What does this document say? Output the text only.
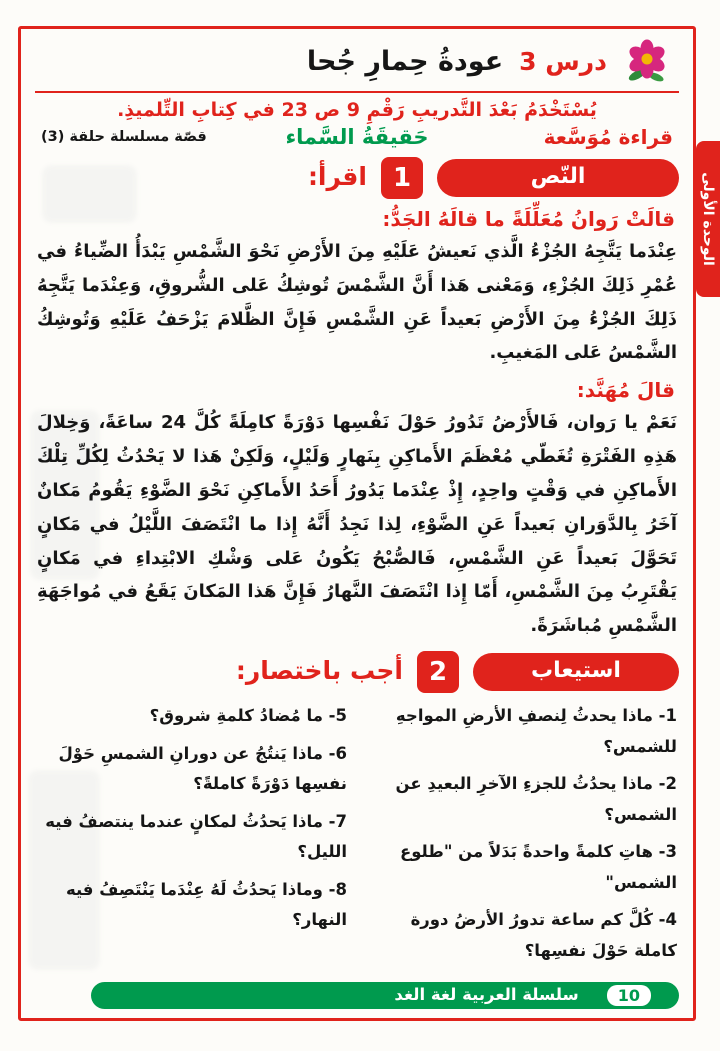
درس 3
عودةُ حِمارِ جُحا
يُسْتَخْدَمُ بَعْدَ التَّدريبِ رَقْمِ 9 ص 23 في كِتابِ التِّلميذِ.
قراءة مُوَسَّعة
حَقيقَةُ السَّماء
قصّة مسلسلة حلقة (3)
النّص
1
اقرأ:

قالَتْ رَوانُ مُعَلِّلَةً ما قالَهُ الجَدُّ:

عِنْدَما يَتَّجِهُ الجُزْءُ الَّذي نَعيشُ عَلَيْهِ مِنَ الأَرْضِ نَحْوَ الشَّمْسِ يَبْدَأُ الضِّياءُ في عُمْرِ ذَلِكَ الجُزْءِ، وَمَعْنى هَذا أَنَّ الشَّمْسَ تُوشِكُ عَلى الشُّروقِ، وَعِنْدَما يَتَّجِهُ ذَلِكَ الجُزْءُ مِنَ الأَرْضِ بَعيداً عَنِ الشَّمْسِ فَإِنَّ الظَّلامَ يَزْحَفُ عَلَيْهِ وَتُوشِكُ الشَّمْسُ عَلى المَغيبِ.

قالَ مُهَنَّد:

نَعَمْ يا رَوان، فَالأَرْضُ تَدُورُ حَوْلَ نَفْسِها دَوْرَةً كامِلَةً كُلَّ 24 ساعَةً، وَخِلالَ هَذِهِ الفَتْرَةِ تُغَطّي مُعْظَمَ الأَماكِنِ بِنَهارٍ وَلَيْلٍ، وَلَكِنْ هَذا لا يَحْدُثُ لِكُلِّ تِلْكَ الأَماكِنِ في وَقْتٍ واحِدٍ، إِذْ عِنْدَما يَدُورُ أَحَدُ الأَماكِنِ نَحْوَ الضَّوْءِ يَقُومُ مَكانٌ آخَرُ بِالدَّوَرانِ بَعيداً عَنِ الضَّوْءِ، لِذا نَجِدُ أَنَّهُ إِذا ما انْتَصَفَ اللَّيْلُ في مَكانٍ تَحَوَّلَ بَعيداً عَنِ الشَّمْسِ، فَالصُّبْحُ يَكُونُ عَلى وَشْكِ الابْتِداءِ في مَكانٍ يَقْتَرِبُ مِنَ الشَّمْسِ، أَمّا إِذا انْتَصَفَ النَّهارُ فَإِنَّ هَذا المَكانَ يَقَعُ في مُواجَهَةِ الشَّمْسِ مُباشَرَةً.

استيعاب
2
أجب باختصار:
1- ماذا يحدثُ لِنصفِ الأرضِ المواجهِ للشمس؟
2- ماذا يحدُثُ للجزءِ الآخرِ البعيدِ عن الشمس؟
3- هاتِ كلمةً واحدةً بَدَلاً من "طلوع الشمس"
4- كُلَّ كم ساعة تدورُ الأرضُ دورة كاملة حَوْلَ نفسِها؟
5- ما مُضادُ كلمةِ شروق؟
6- ماذا يَنتُجُ عن دورانِ الشمسِ حَوْلَ نفسِها دَوْرَةً كاملةً؟
7- ماذا يَحدُثُ لمكانٍ عندما ينتصفُ فيه الليل؟
8- وماذا يَحدُثُ لَهُ عِنْدَما يَنْتَصِفُ فيه النهار؟
10
سلسلة العربية لغة الغد
الوحدة الأولى
